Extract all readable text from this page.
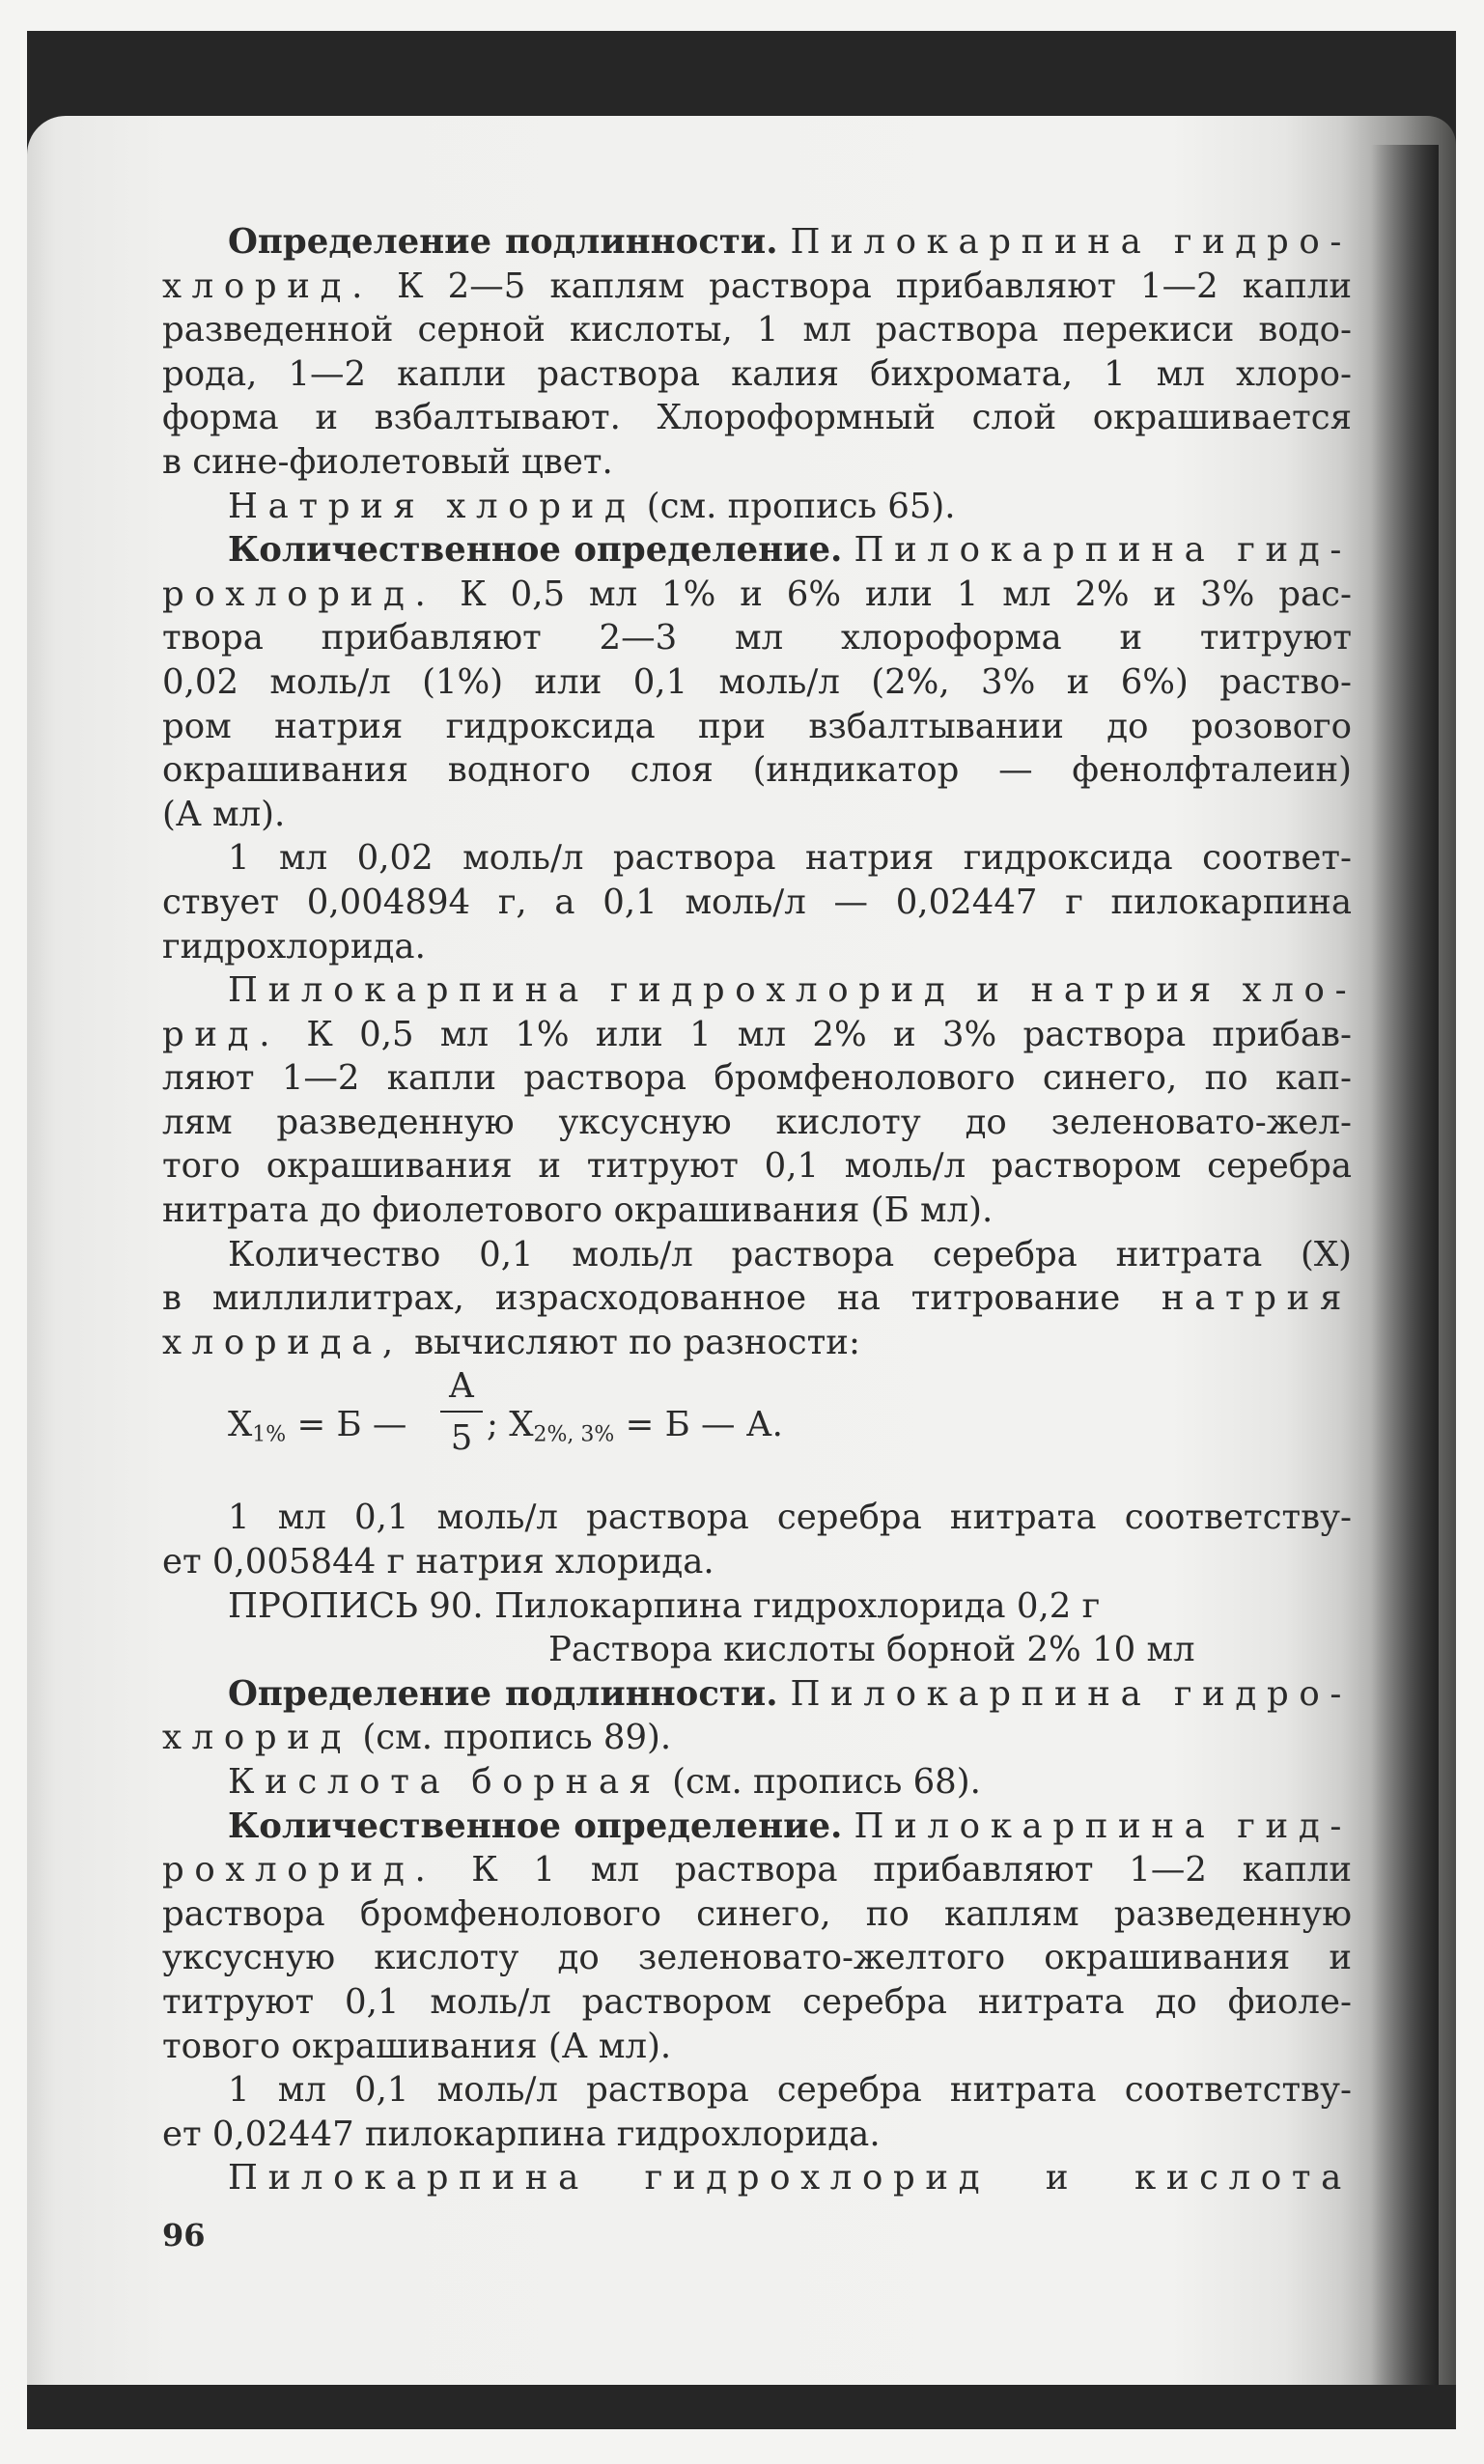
Определение подлинности. Пилокарпина гидро-
хлорид. К 2—5 каплям раствора прибавляют 1—2 капли
разведенной серной кислоты, 1 мл раствора перекиси водо-
рода, 1—2 капли раствора калия бихромата, 1 мл хлоро-
форма и взбалтывают. Хлороформный слой окрашивается
в сине-фиолетовый цвет.
Натрия хлорид (см. пропись 65).
Количественное определение. Пилокарпина гид-
рохлорид. К 0,5 мл 1% и 6% или 1 мл 2% и 3% рас-
твора прибавляют 2—3 мл хлороформа и титруют
0,02 моль/л (1%) или 0,1 моль/л (2%, 3% и 6%) раство-
ром натрия гидроксида при взбалтывании до розового
окрашивания водного слоя (индикатор — фенолфталеин)
(А мл).
1 мл 0,02 моль/л раствора натрия гидроксида соответ-
ствует 0,004894 г, а 0,1 моль/л — 0,02447 г пилокарпина
гидрохлорида.
Пилокарпина гидрохлорид и натрия хло-
рид. К 0,5 мл 1% или 1 мл 2% и 3% раствора прибав-
ляют 1—2 капли раствора бромфенолового синего, по кап-
лям разведенную уксусную кислоту до зеленовато-жел-
того окрашивания и титруют 0,1 моль/л раствором серебра
нитрата до фиолетового окрашивания (Б мл).
Количество 0,1 моль/л раствора серебра нитрата (X)
в миллилитрах, израсходованное на титрование натрия
хлорида, вычисляют по разности:
$X_{1\%} = Б$ —
А
5 ; $X_{2\%, 3\%} = Б$ — А.
1 мл 0,1 моль/л раствора серебра нитрата соответству-
ет 0,005844 г натрия хлорида.
ПРОПИСЬ 90. Пилокарпина гидрохлорида 0,2 г
Раствора кислоты борной 2% 10 мл
Определение подлинности. Пилокарпина гидро-
хлорид (см. пропись 89).
Кислота борная (см. пропись 68).
Количественное определение. Пилокарпина гид-
рохлорид. К 1 мл раствора прибавляют 1—2 капли
раствора бромфенолового синего, по каплям разведенную
уксусную кислоту до зеленовато-желтого окрашивания и
титруют 0,1 моль/л раствором серебра нитрата до фиоле-
тового окрашивания (А мл).
1 мл 0,1 моль/л раствора серебра нитрата соответству-
ет 0,02447 пилокарпина гидрохлорида.
Пилокарпина гидрохлорид и кислота
96
